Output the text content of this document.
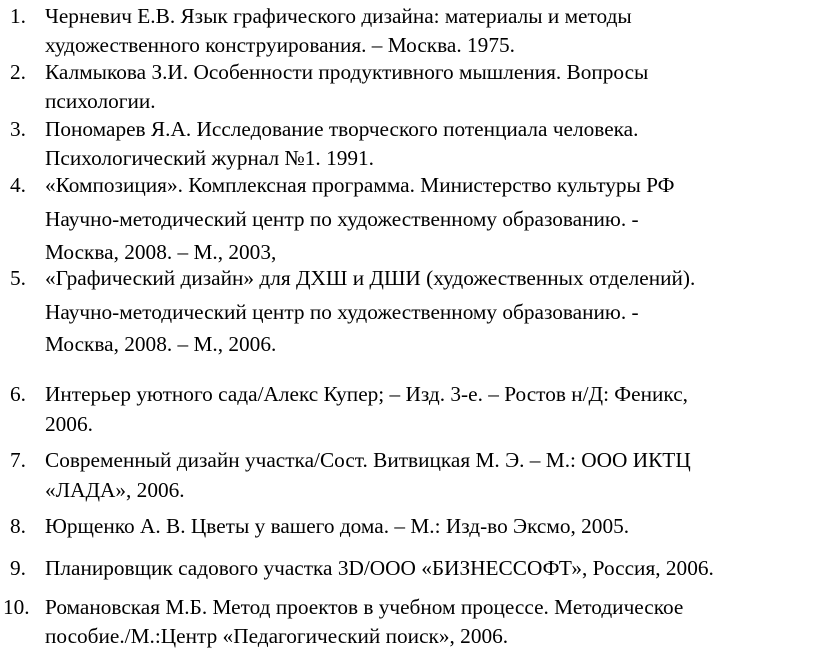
1. Черневич Е.В. Язык графического дизайна: материалы и методы
художественного конструирования. – Москва. 1975.
2. Калмыкова З.И. Особенности продуктивного мышления. Вопросы
психологии.
3. Пономарев Я.А. Исследование творческого потенциала человека.
Психологический журнал №1. 1991.
4. «Композиция». Комплексная программа. Министерство культуры РФ
Научно-методический центр по художественному образованию. -
Москва, 2008. – М., 2003,
5. «Графический дизайн» для ДХШ и ДШИ (художественных отделений).
Научно-методический центр по художественному образованию. -
Москва, 2008. – М., 2006.
6. Интерьер уютного сада/Алекс Купер; – Изд. 3-е. – Ростов н/Д: Феникс,
2006.
7. Современный дизайн участка/Сост. Витвицкая М. Э. – М.: ООО ИКТЦ
«ЛАДА», 2006.
8. Юрщенко А. В. Цветы у вашего дома. – М.: Изд-во Эксмо, 2005.
9. Планировщик садового участка 3D/ООО «БИЗНЕССОФТ», Россия, 2006.
10. Романовская М.Б. Метод проектов в учебном процессе. Методическое
пособие./М.:Центр «Педагогический поиск», 2006.
